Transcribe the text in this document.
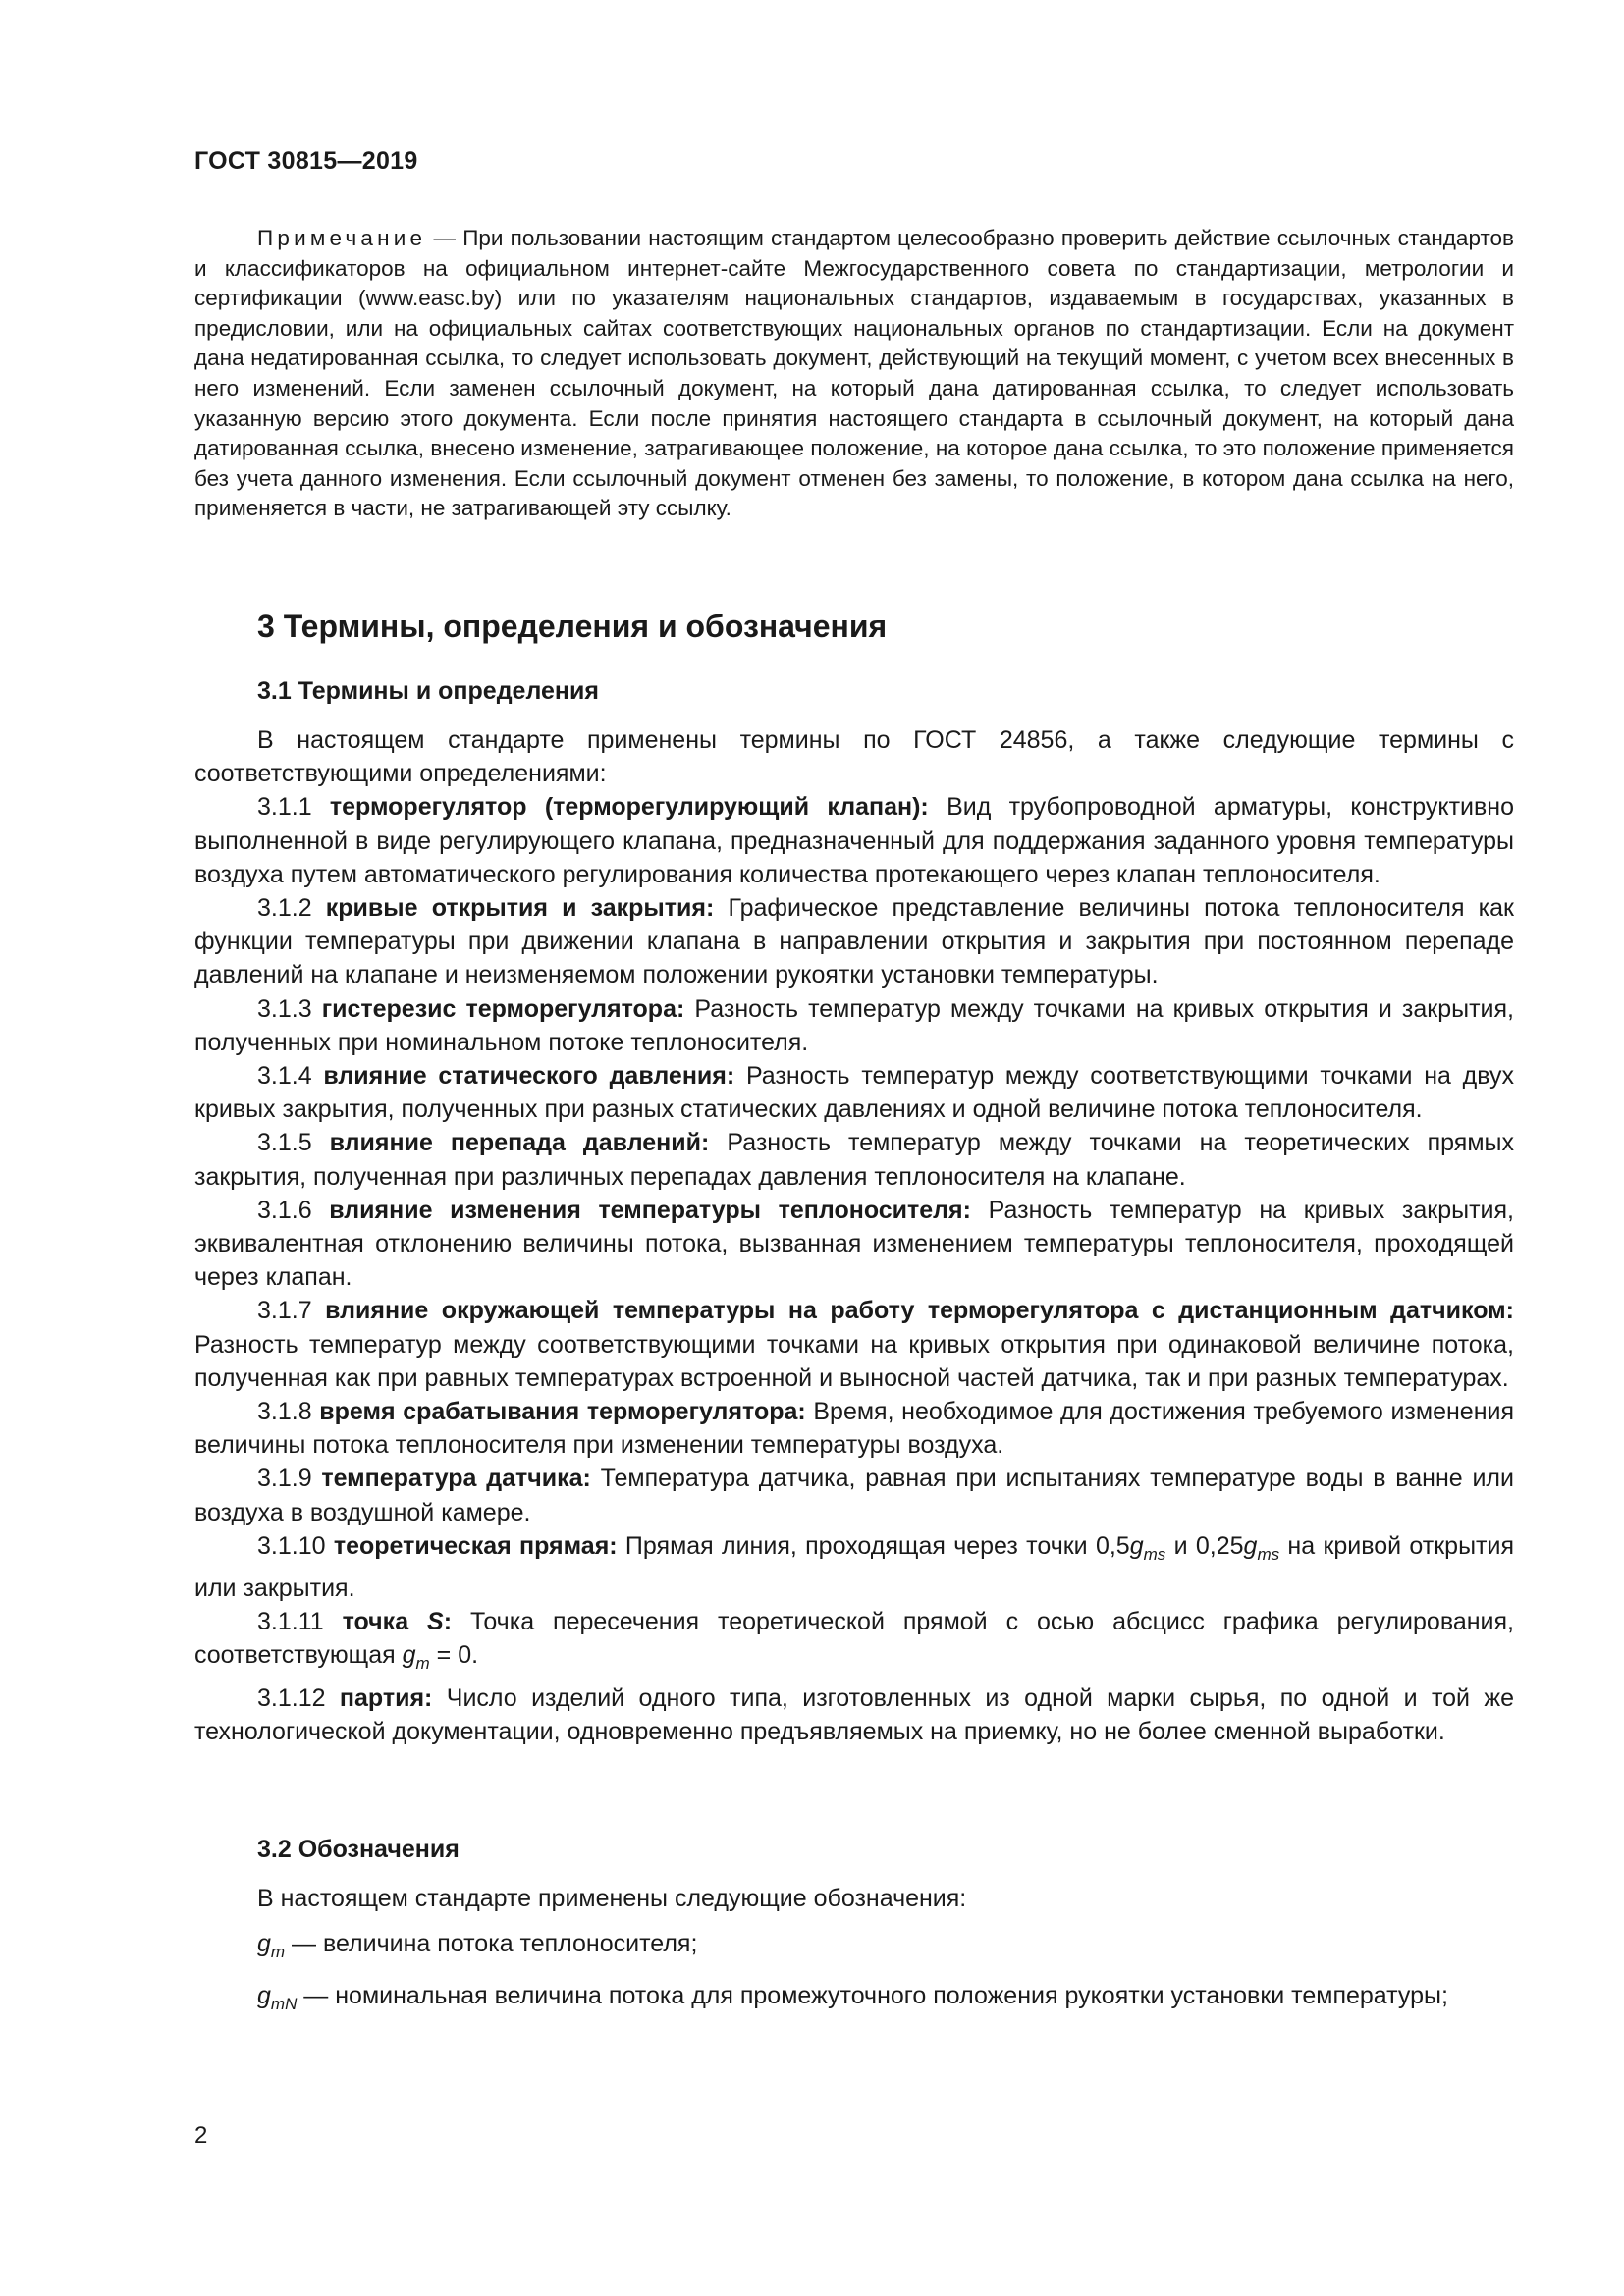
ГОСТ 30815—2019

Примечание — При пользовании настоящим стандартом целесообразно проверить действие ссылочных стандартов и классификаторов на официальном интернет-сайте Межгосударственного совета по стандартизации, метрологии и сертификации (www.easc.by) или по указателям национальных стандартов, издаваемым в государствах, указанных в предисловии, или на официальных сайтах соответствующих национальных органов по стандартизации. Если на документ дана недатированная ссылка, то следует использовать документ, действующий на текущий момент, с учетом всех внесенных в него изменений. Если заменен ссылочный документ, на который дана датированная ссылка, то следует использовать указанную версию этого документа. Если после принятия настоящего стандарта в ссылочный документ, на который дана датированная ссылка, внесено изменение, затрагивающее положение, на которое дана ссылка, то это положение применяется без учета данного изменения. Если ссылочный документ отменен без замены, то положение, в котором дана ссылка на него, применяется в части, не затрагивающей эту ссылку.

3 Термины, определения и обозначения
3.1 Термины и определения

В настоящем стандарте применены термины по ГОСТ 24856, а также следующие термины с соответствующими определениями:

3.1.1 терморегулятор (терморегулирующий клапан): Вид трубопроводной арматуры, конструктивно выполненной в виде регулирующего клапана, предназначенный для поддержания заданного уровня температуры воздуха путем автоматического регулирования количества протекающего через клапан теплоносителя.

3.1.2 кривые открытия и закрытия: Графическое представление величины потока теплоносителя как функции температуры при движении клапана в направлении открытия и закрытия при постоянном перепаде давлений на клапане и неизменяемом положении рукоятки установки температуры.

3.1.3 гистерезис терморегулятора: Разность температур между точками на кривых открытия и закрытия, полученных при номинальном потоке теплоносителя.

3.1.4 влияние статического давления: Разность температур между соответствующими точками на двух кривых закрытия, полученных при разных статических давлениях и одной величине потока теплоносителя.

3.1.5 влияние перепада давлений: Разность температур между точками на теоретических прямых закрытия, полученная при различных перепадах давления теплоносителя на клапане.

3.1.6 влияние изменения температуры теплоносителя: Разность температур на кривых закрытия, эквивалентная отклонению величины потока, вызванная изменением температуры теплоносителя, проходящей через клапан.

3.1.7 влияние окружающей температуры на работу терморегулятора с дистанционным датчиком: Разность температур между соответствующими точками на кривых открытия при одинаковой величине потока, полученная как при равных температурах встроенной и выносной частей датчика, так и при разных температурах.

3.1.8 время срабатывания терморегулятора: Время, необходимое для достижения требуемого изменения величины потока теплоносителя при изменении температуры воздуха.

3.1.9 температура датчика: Температура датчика, равная при испытаниях температуре воды в ванне или воздуха в воздушной камере.

3.1.10 теоретическая прямая: Прямая линия, проходящая через точки $0,5g_{ms}$ и $0,25g_{ms}$ на кривой открытия или закрытия.

3.1.11 точка S: Точка пересечения теоретической прямой с осью абсцисс графика регулирования, соответствующая $g_m = 0$.

3.1.12 партия: Число изделий одного типа, изготовленных из одной марки сырья, по одной и той же технологической документации, одновременно предъявляемых на приемку, но не более сменной выработки.

3.2 Обозначения

В настоящем стандарте применены следующие обозначения:

$g_m$ — величина потока теплоносителя;

$g_{mN}$ — номинальная величина потока для промежуточного положения рукоятки установки температуры;

2
